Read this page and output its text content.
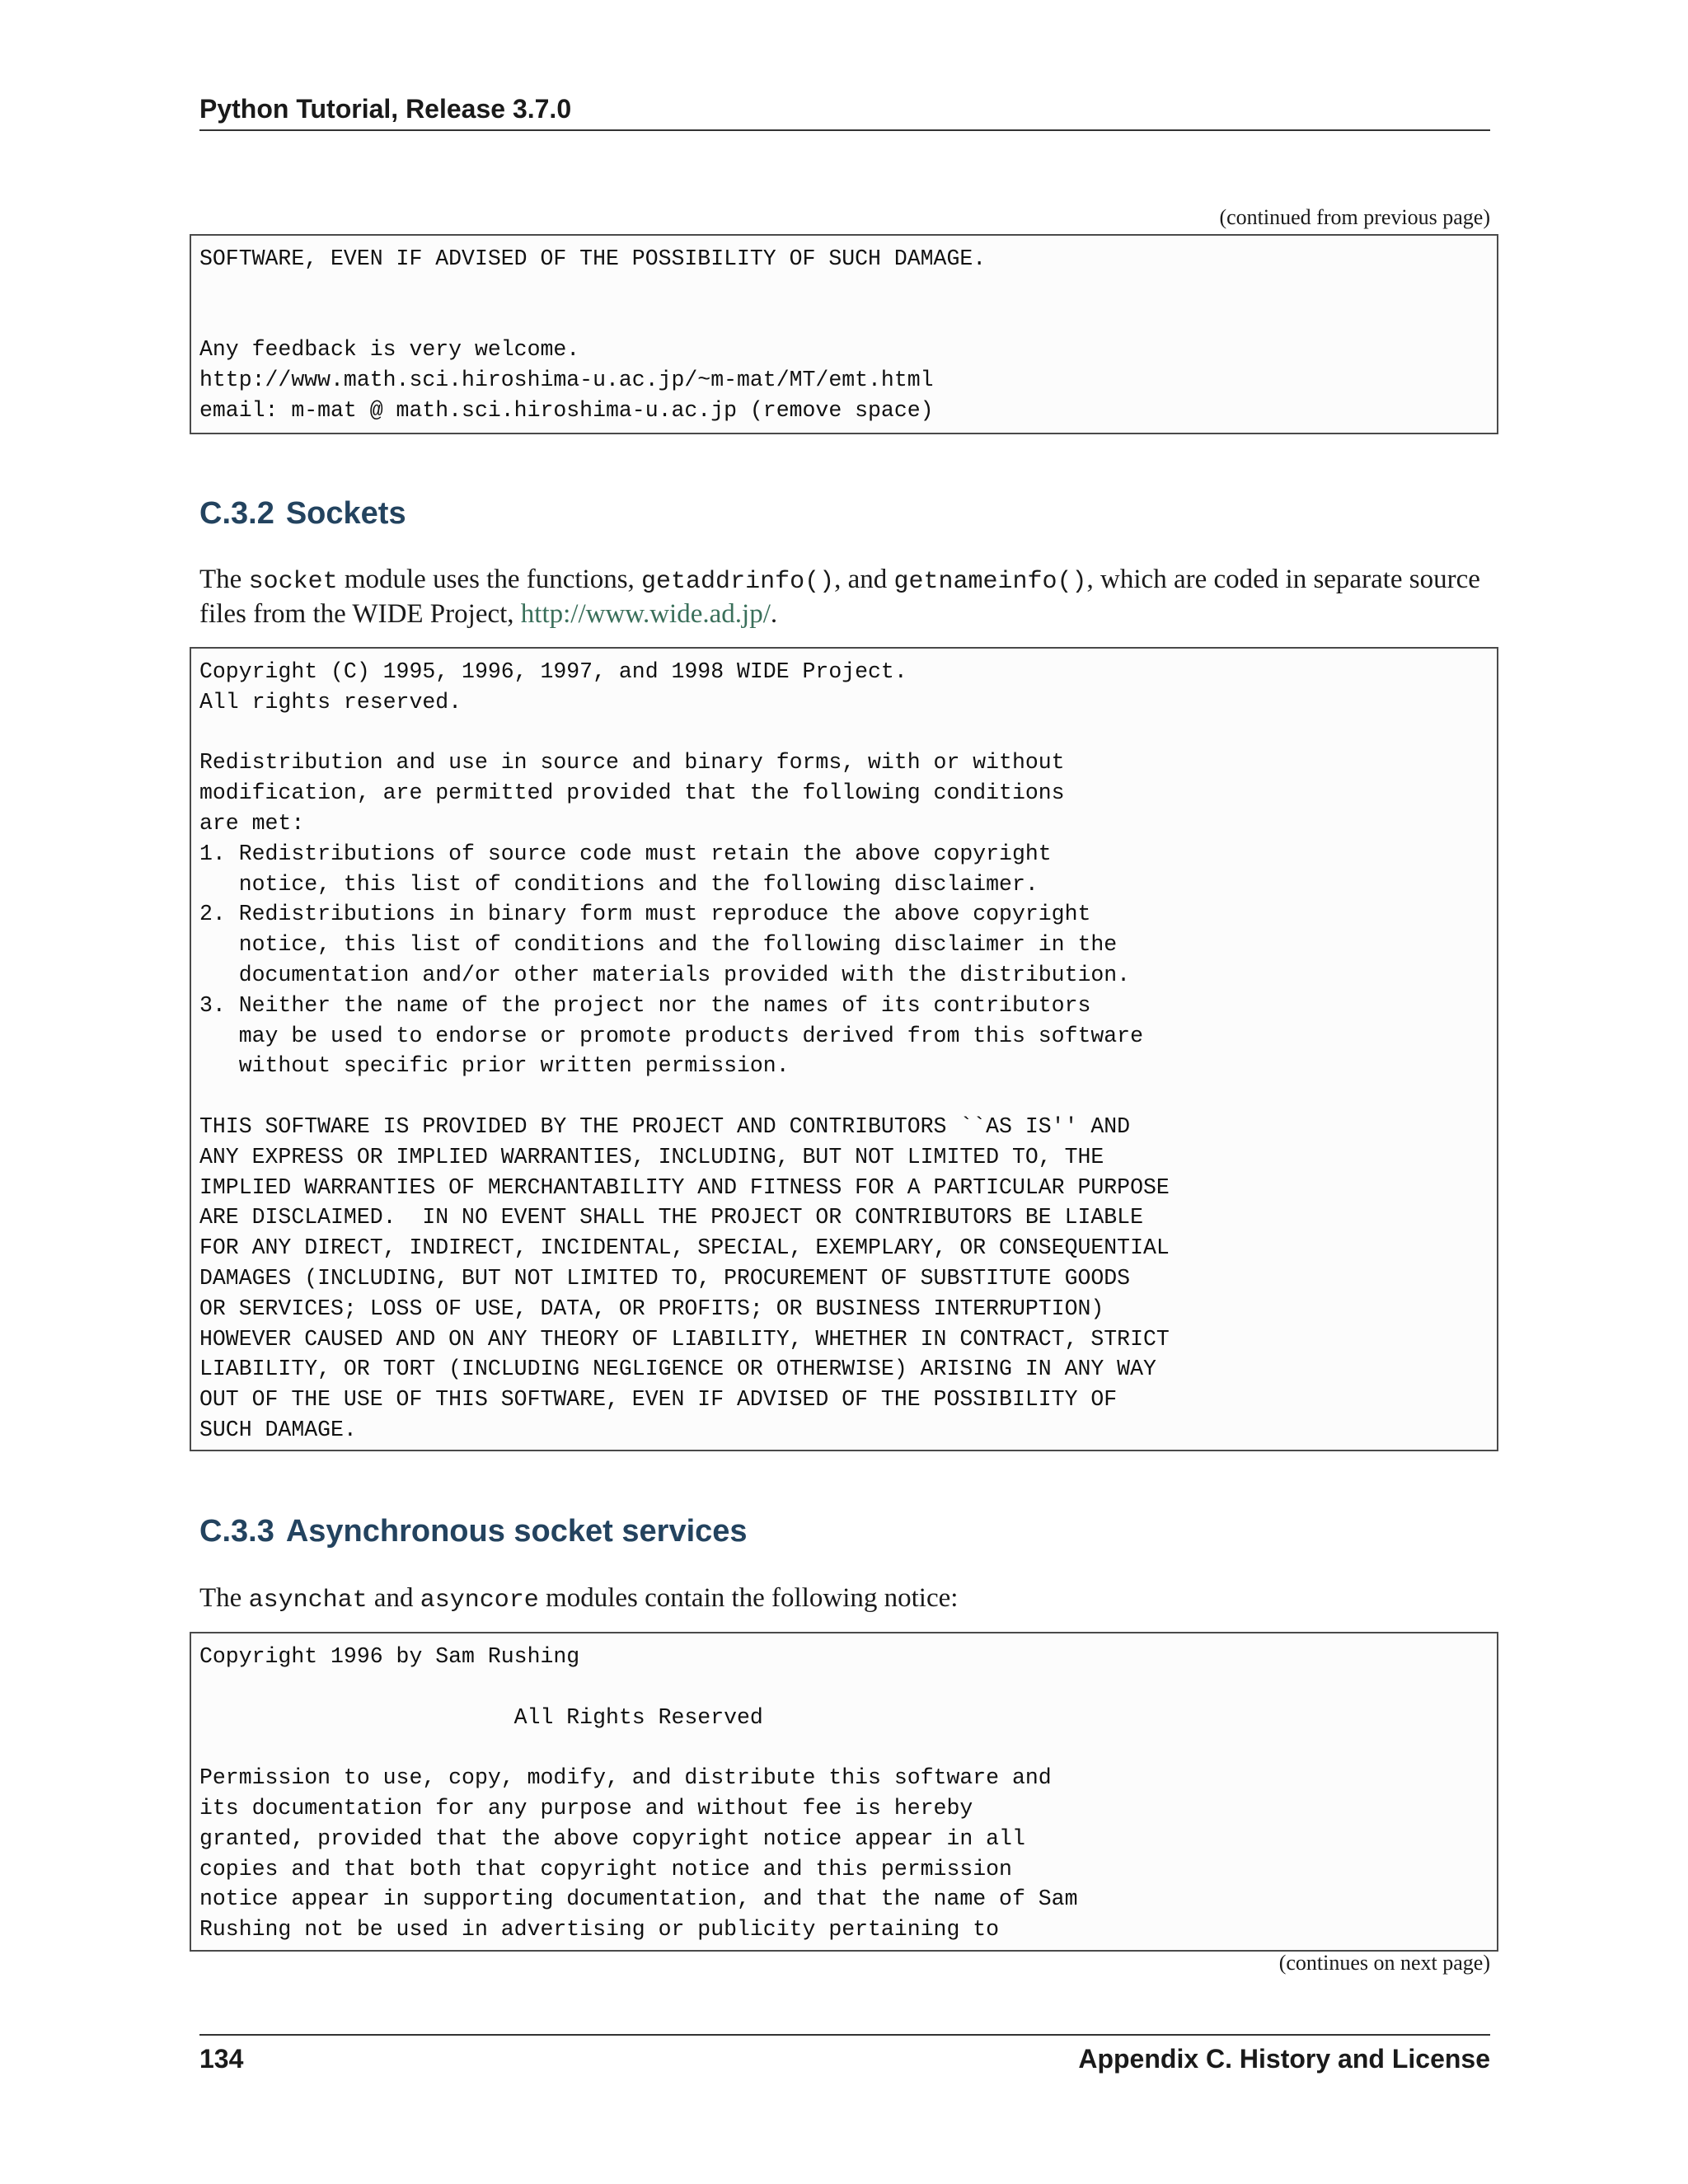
Python Tutorial, Release 3.7.0
(continued from previous page)
SOFTWARE, EVEN IF ADVISED OF THE POSSIBILITY OF SUCH DAMAGE.

Any feedback is very welcome.
http://www.math.sci.hiroshima-u.ac.jp/~m-mat/MT/emt.html
email: m-mat @ math.sci.hiroshima-u.ac.jp (remove space)
C.3.2 Sockets
The socket module uses the functions, getaddrinfo(), and getnameinfo(), which are coded in separate source files from the WIDE Project, http://www.wide.ad.jp/.
Copyright (C) 1995, 1996, 1997, and 1998 WIDE Project.
All rights reserved.

Redistribution and use in source and binary forms, with or without
modification, are permitted provided that the following conditions
are met:
1. Redistributions of source code must retain the above copyright
notice, this list of conditions and the following disclaimer.
2. Redistributions in binary form must reproduce the above copyright
notice, this list of conditions and the following disclaimer in the
documentation and/or other materials provided with the distribution.
3. Neither the name of the project nor the names of its contributors
may be used to endorse or promote products derived from this software
without specific prior written permission.

THIS SOFTWARE IS PROVIDED BY THE PROJECT AND CONTRIBUTORS ``AS IS'' AND
ANY EXPRESS OR IMPLIED WARRANTIES, INCLUDING, BUT NOT LIMITED TO, THE
IMPLIED WARRANTIES OF MERCHANTABILITY AND FITNESS FOR A PARTICULAR PURPOSE
ARE DISCLAIMED.  IN NO EVENT SHALL THE PROJECT OR CONTRIBUTORS BE LIABLE
FOR ANY DIRECT, INDIRECT, INCIDENTAL, SPECIAL, EXEMPLARY, OR CONSEQUENTIAL
DAMAGES (INCLUDING, BUT NOT LIMITED TO, PROCUREMENT OF SUBSTITUTE GOODS
OR SERVICES; LOSS OF USE, DATA, OR PROFITS; OR BUSINESS INTERRUPTION)
HOWEVER CAUSED AND ON ANY THEORY OF LIABILITY, WHETHER IN CONTRACT, STRICT
LIABILITY, OR TORT (INCLUDING NEGLIGENCE OR OTHERWISE) ARISING IN ANY WAY
OUT OF THE USE OF THIS SOFTWARE, EVEN IF ADVISED OF THE POSSIBILITY OF
SUCH DAMAGE.
C.3.3 Asynchronous socket services
The asynchat and asyncore modules contain the following notice:
Copyright 1996 by Sam Rushing

All Rights Reserved

Permission to use, copy, modify, and distribute this software and
its documentation for any purpose and without fee is hereby
granted, provided that the above copyright notice appear in all
copies and that both that copyright notice and this permission
notice appear in supporting documentation, and that the name of Sam
Rushing not be used in advertising or publicity pertaining to
(continues on next page)
134	Appendix C. History and License
